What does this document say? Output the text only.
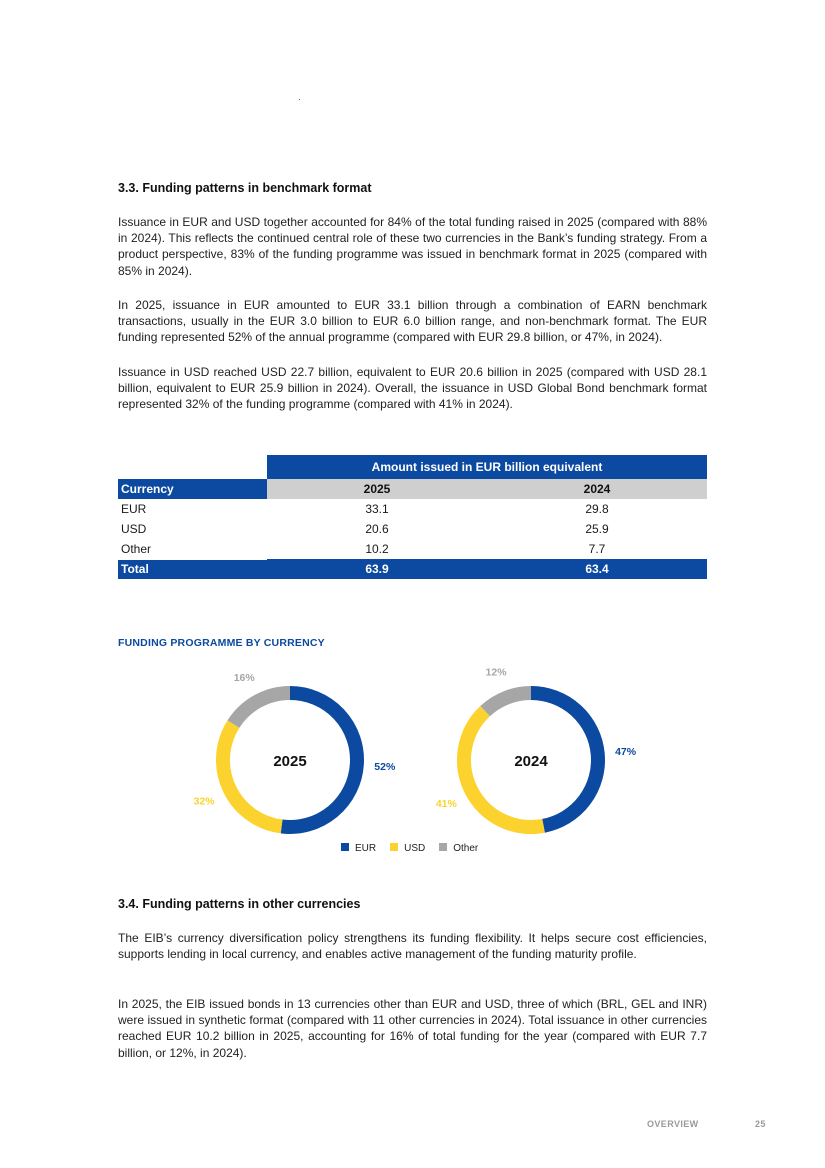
3.3. Funding patterns in benchmark format

Issuance in EUR and USD together accounted for 84% of the total funding raised in 2025 (compared with 88% in 2024). This reflects the continued central role of these two currencies in the Bank’s funding strategy. From a product perspective, 83% of the funding programme was issued in benchmark format in 2025 (compared with 85% in 2024).

In 2025, issuance in EUR amounted to EUR 33.1 billion through a combination of EARN benchmark transactions, usually in the EUR 3.0 billion to EUR 6.0 billion range, and non-benchmark format. The EUR funding represented 52% of the annual programme (compared with EUR 29.8 billion, or 47%, in 2024).

Issuance in USD reached USD 22.7 billion, equivalent to EUR 20.6 billion in 2025 (compared with USD 28.1 billion, equivalent to EUR 25.9 billion in 2024). Overall, the issuance in USD Global Bond benchmark format represented 32% of the funding programme (compared with 41% in 2024).

	Amount issued in EUR billion equivalent	
Currency	2025	2024
EUR	33.1	29.8
USD	20.6	25.9
Other	10.2	7.7
Total	63.9	63.4
FUNDING PROGRAMME BY CURRENCY
52%
32%
16%
2025
47%
41%
12%
2024
EUR	USD	Other
3.4. Funding patterns in other currencies

The EIB’s currency diversification policy strengthens its funding flexibility. It helps secure cost efficiencies, supports lending in local currency, and enables active management of the funding maturity profile.

In 2025, the EIB issued bonds in 13 currencies other than EUR and USD, three of which (BRL, GEL and INR) were issued in synthetic format (compared with 11 other currencies in 2024). Total issuance in other currencies reached EUR 10.2 billion in 2025, accounting for 16% of total funding for the year (compared with EUR 7.7 billion, or 12%, in 2024).

OVERVIEW	25
